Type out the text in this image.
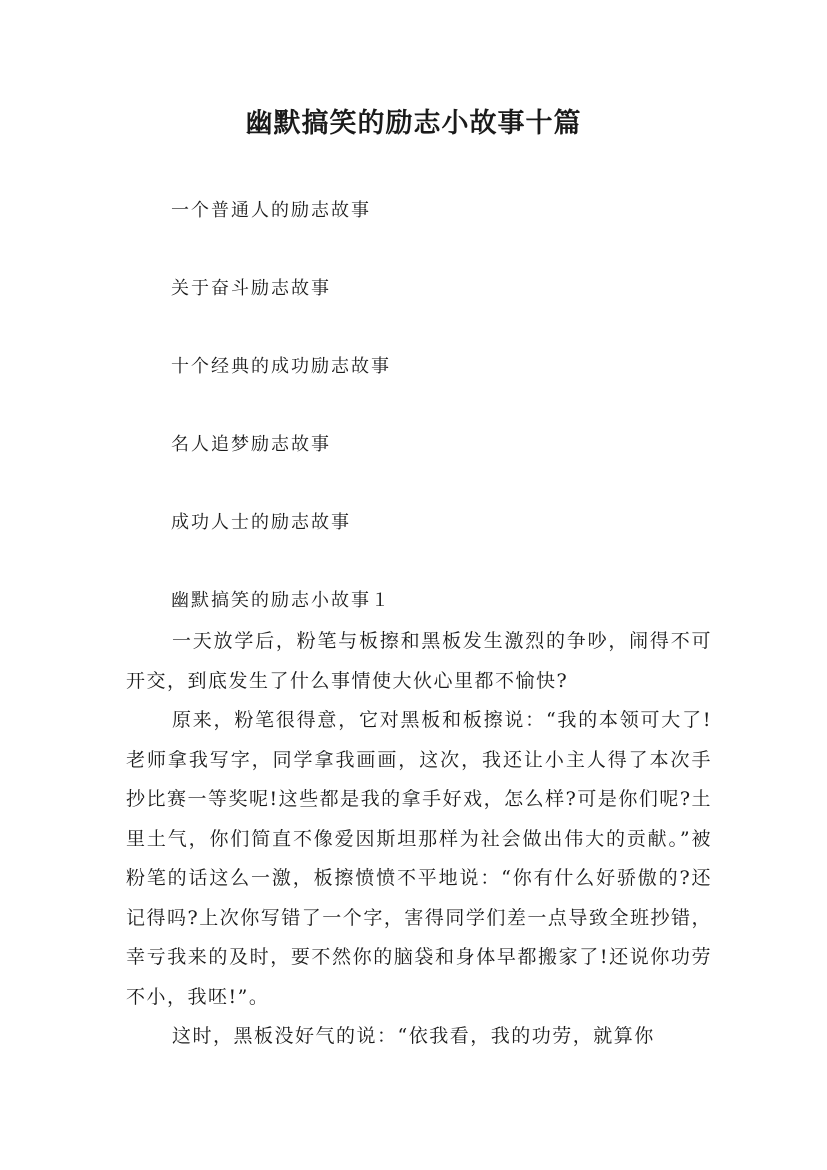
幽默搞笑的励志小故事十篇
一个普通人的励志故事
关于奋斗励志故事
十个经典的成功励志故事
名人追梦励志故事
成功人士的励志故事
幽默搞笑的励志小故事１

一天放学后，粉笔与板擦和黑板发生激烈的争吵，闹得不可开交，到底发生了什么事情使大伙心里都不愉快?

原来，粉笔很得意，它对黑板和板擦说：“我的本领可大了!老师拿我写字，同学拿我画画，这次，我还让小主人得了本次手抄比赛一等奖呢!这些都是我的拿手好戏，怎么样?可是你们呢?土里土气，你们简直不像爱因斯坦那样为社会做出伟大的贡献。”被粉笔的话这么一激，板擦愤愤不平地说：“你有什么好骄傲的?还记得吗?上次你写错了一个字，害得同学们差一点导致全班抄错，幸亏我来的及时，要不然你的脑袋和身体早都搬家了!还说你功劳不小，我呸!”。

这时，黑板没好气的说：“依我看，我的功劳，就算你
